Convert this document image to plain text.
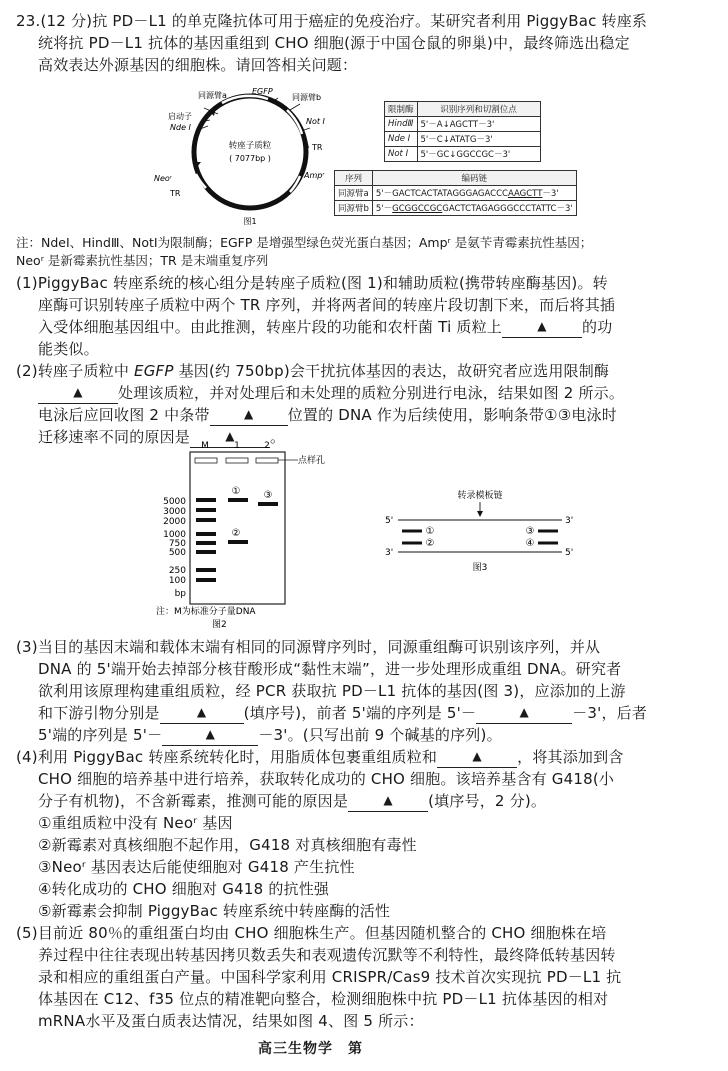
23.(12 分)抗 PD－L1 的单克隆抗体可用于癌症的免疫治疗。某研究者利用 PiggyBac 转座系
统将抗 PD－L1 抗体的基因重组到 CHO 细胞(源于中国仓鼠的卵巢)中，最终筛选出稳定
高效表达外源基因的细胞株。请回答相关问题：
同源臂a
启动子
Nde Ⅰ
EGFP
同源臂b
Not Ⅰ
TR
Ampʳ
Neoʳ
TR
转座子质粒
( 7077bp )
图1
限制酶	识别序列和切割位点
HindⅢ	5'－A↓AGCTT－3'
Nde Ⅰ	5'－C↓ATATG－3'
Not Ⅰ	5'－GC↓GGCCGC－3'
序列	编码链
同源臂a	5'－GACTCACTATAGGGAGACCCAAGCTT－3'
同源臂b	5'－GCGGCCGCGACTCTAGAGGGCCCTATTC－3'
注：NdeⅠ、HindⅢ、NotⅠ为限制酶；EGFP 是增强型绿色荧光蛋白基因；Ampʳ 是氨苄青霉素抗性基因；
Neoʳ 是新霉素抗性基因；TR 是末端重复序列
(1)PiggyBac 转座系统的核心组分是转座子质粒(图 1)和辅助质粒(携带转座酶基因)。转
座酶可识别转座子质粒中两个 TR 序列，并将两者间的转座片段切割下来，而后将其插
入受体细胞基因组中。由此推测，转座片段的功能和农杆菌 Ti 质粒上	▲ 的功
能类似。
(2)转座子质粒中 EGFP 基因(约 750bp)会干扰抗体基因的表达，故研究者应选用限制酶
▲ 处理该质粒，并对处理后和未处理的质粒分别进行电泳，结果如图 2 所示。
电泳后应回收图 2 中条带	▲ 位置的 DNA 作为后续使用，影响条带①③电泳时
迁移速率不同的原因是	▲ 。
M	1	2
点样孔
①
②
③
5000
3000
2000
1000
750
500
250
100
bp
注：M为标准分子量DNA
图2
转录模板链
5'	3'
3'	5'
①	③
②	④
图3
(3)当目的基因末端和载体末端有相同的同源臂序列时，同源重组酶可识别该序列，并从
DNA 的 5'端开始去掉部分核苷酸形成“黏性末端”，进一步处理形成重组 DNA。研究者
欲利用该原理构建重组质粒，经 PCR 获取抗 PD－L1 抗体的基因(图 3)，应添加的上游
和下游引物分别是	▲ (填序号)，前者 5'端的序列是 5'－	▲	－3'，后者
5'端的序列是 5'－	▲	－3'。(只写出前 9 个碱基的序列)。
(4)利用 PiggyBac 转座系统转化时，用脂质体包裹重组质粒和	▲ ，将其添加到含
CHO 细胞的培养基中进行培养，获取转化成功的 CHO 细胞。该培养基含有 G418(小
分子有机物)，不含新霉素，推测可能的原因是	▲ (填序号，2 分)。
①重组质粒中没有 Neoʳ 基因
②新霉素对真核细胞不起作用，G418 对真核细胞有毒性
③Neoʳ 基因表达后能使细胞对 G418 产生抗性
④转化成功的 CHO 细胞对 G418 的抗性强
⑤新霉素会抑制 PiggyBac 转座系统中转座酶的活性
(5)目前近 80％的重组蛋白均由 CHO 细胞株生产。但基因随机整合的 CHO 细胞株在培
养过程中往往表现出转基因拷贝数丢失和表观遗传沉默等不利特性，最终降低转基因转
录和相应的重组蛋白产量。中国科学家利用 CRISPR/Cas9 技术首次实现抗 PD－L1 抗
体基因在 C12、f35 位点的精准靶向整合，检测细胞株中抗 PD－L1 抗体基因的相对
mRNA水平及蛋白质表达情况，结果如图 4、图 5 所示：
高三生物学　第
